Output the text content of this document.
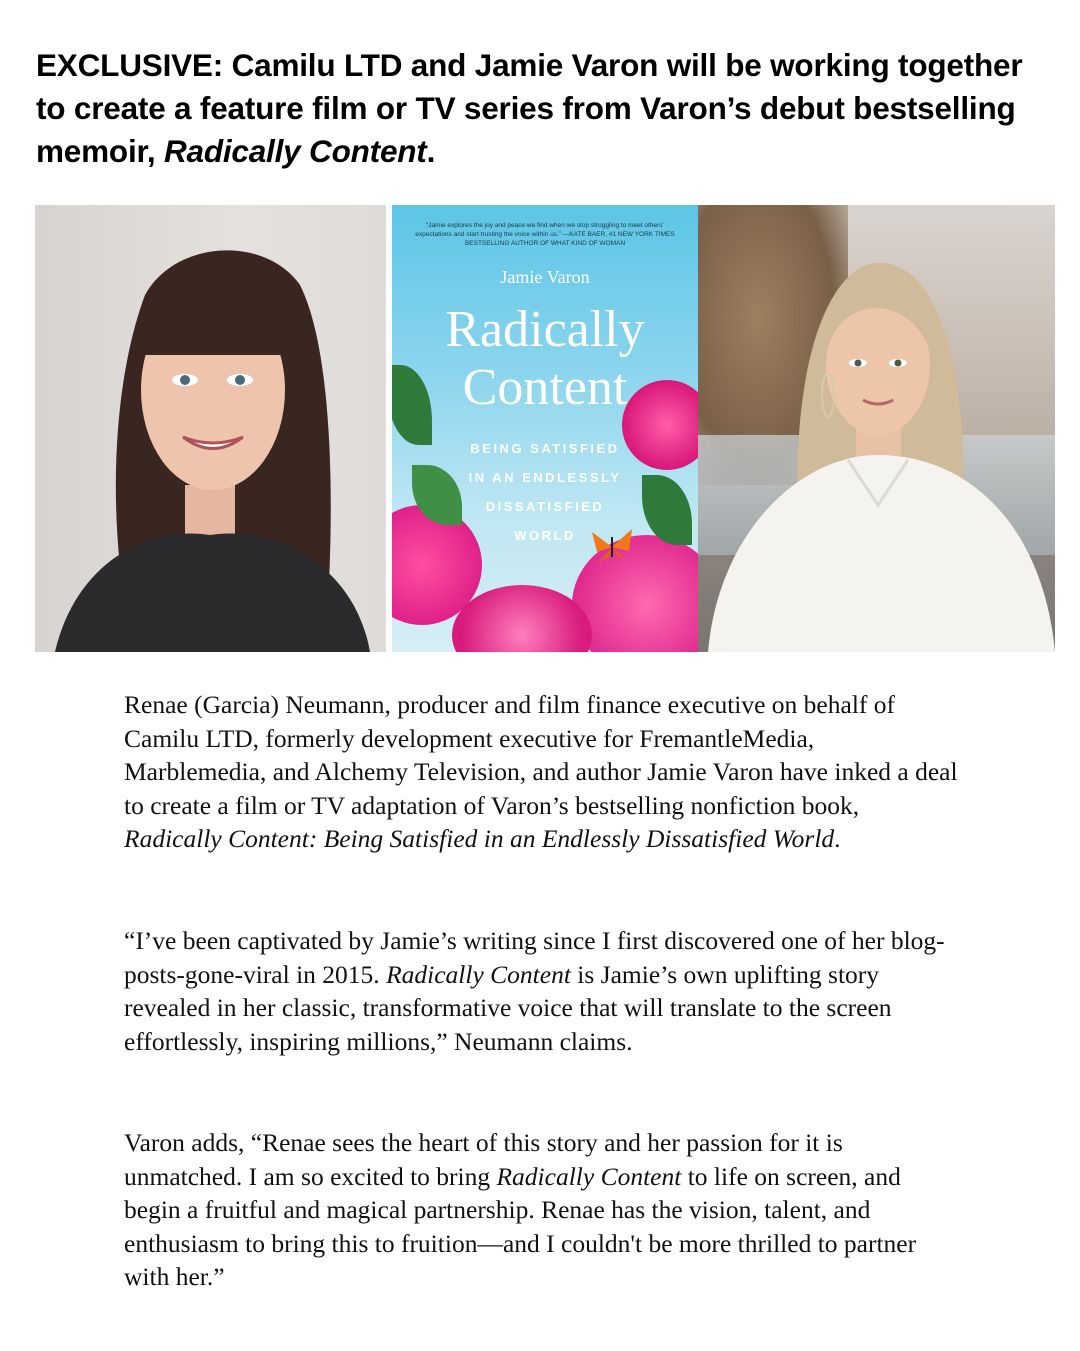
EXCLUSIVE: Camilu LTD and Jamie Varon will be working together to create a feature film or TV series from Varon’s debut bestselling memoir, Radically Content.
“Jamie explores the joy and peace we find when we stop struggling to meet others’ expectations and start trusting the voice within us.” —KATE BAER, #1 NEW YORK TIMES BESTSELLING AUTHOR OF WHAT KIND OF WOMAN
Jamie Varon
Radically
Content
BEING SATISFIED
IN AN ENDLESSLY
DISSATISFIED
WORLD
Renae (Garcia) Neumann, producer and film finance executive on behalf of Camilu LTD, formerly development executive for FremantleMedia, Marblemedia, and Alchemy Television, and author Jamie Varon have inked a deal to create a film or TV adaptation of Varon’s bestselling nonfiction book, Radically Content: Being Satisfied in an Endlessly Dissatisfied World.
“I’ve been captivated by Jamie’s writing since I first discovered one of her blog-posts-gone-viral in 2015. Radically Content is Jamie’s own uplifting story revealed in her classic, transformative voice that will translate to the screen effortlessly, inspiring millions,” Neumann claims.
Varon adds, “Renae sees the heart of this story and her passion for it is unmatched. I am so excited to bring Radically Content to life on screen, and begin a fruitful and magical partnership. Renae has the vision, talent, and enthusiasm to bring this to fruition—and I couldn't be more thrilled to partner with her.”
